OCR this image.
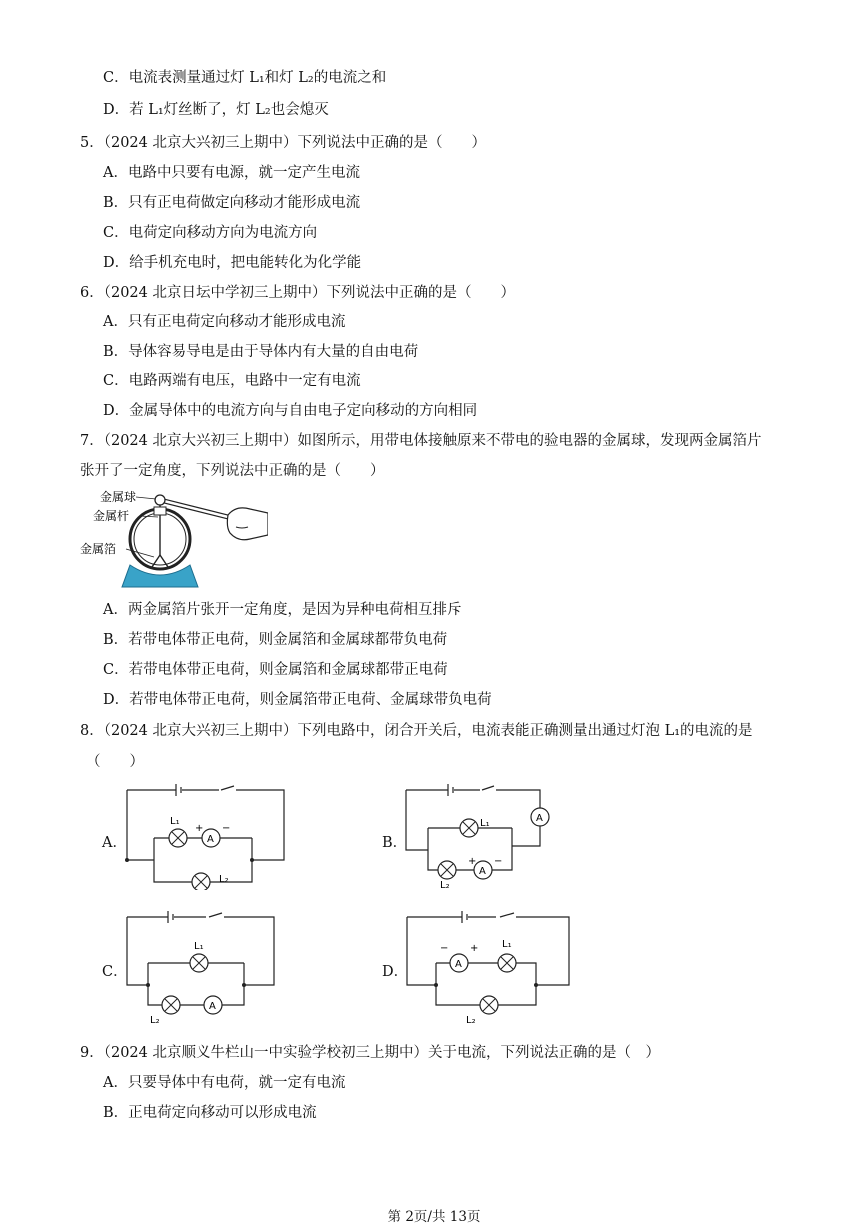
C．电流表测量通过灯 L₁和灯 L₂的电流之和
D．若 L₁灯丝断了，灯 L₂也会熄灭
5．（2024 北京大兴初三上期中）下列说法中正确的是（　　）
A．电路中只要有电源，就一定产生电流
B．只有正电荷做定向移动才能形成电流
C．电荷定向移动方向为电流方向
D．给手机充电时，把电能转化为化学能
6．（2024 北京日坛中学初三上期中）下列说法中正确的是（　　）
A．只有正电荷定向移动才能形成电流
B．导体容易导电是由于导体内有大量的自由电荷
C．电路两端有电压，电路中一定有电流
D．金属导体中的电流方向与自由电子定向移动的方向相同
7．（2024 北京大兴初三上期中）如图所示，用带电体接触原来不带电的验电器的金属球，发现两金属箔片
张开了一定角度，下列说法中正确的是（　　）
金属球
金属杆
金属箔
A．两金属箔片张开一定角度，是因为异种电荷相互排斥
B．若带电体带正电荷，则金属箔和金属球都带负电荷
C．若带电体带正电荷，则金属箔和金属球都带正电荷
D．若带电体带正电荷，则金属箔带正电荷、金属球带负电荷
8．（2024 北京大兴初三上期中）下列电路中，闭合开关后，电流表能正确测量出通过灯泡 L₁的电流的是
（　　）
A．	A
L₁
+ −
L₂
B．
A
A
L₁
L₂
+ −
C．
A
L₁
L₂
D．	A
− + L₁
L₂
9．（2024 北京顺义牛栏山一中实验学校初三上期中）关于电流，下列说法正确的是（　）
A．只要导体中有电荷，就一定有电流
B．正电荷定向移动可以形成电流
第 2页/共 13页
